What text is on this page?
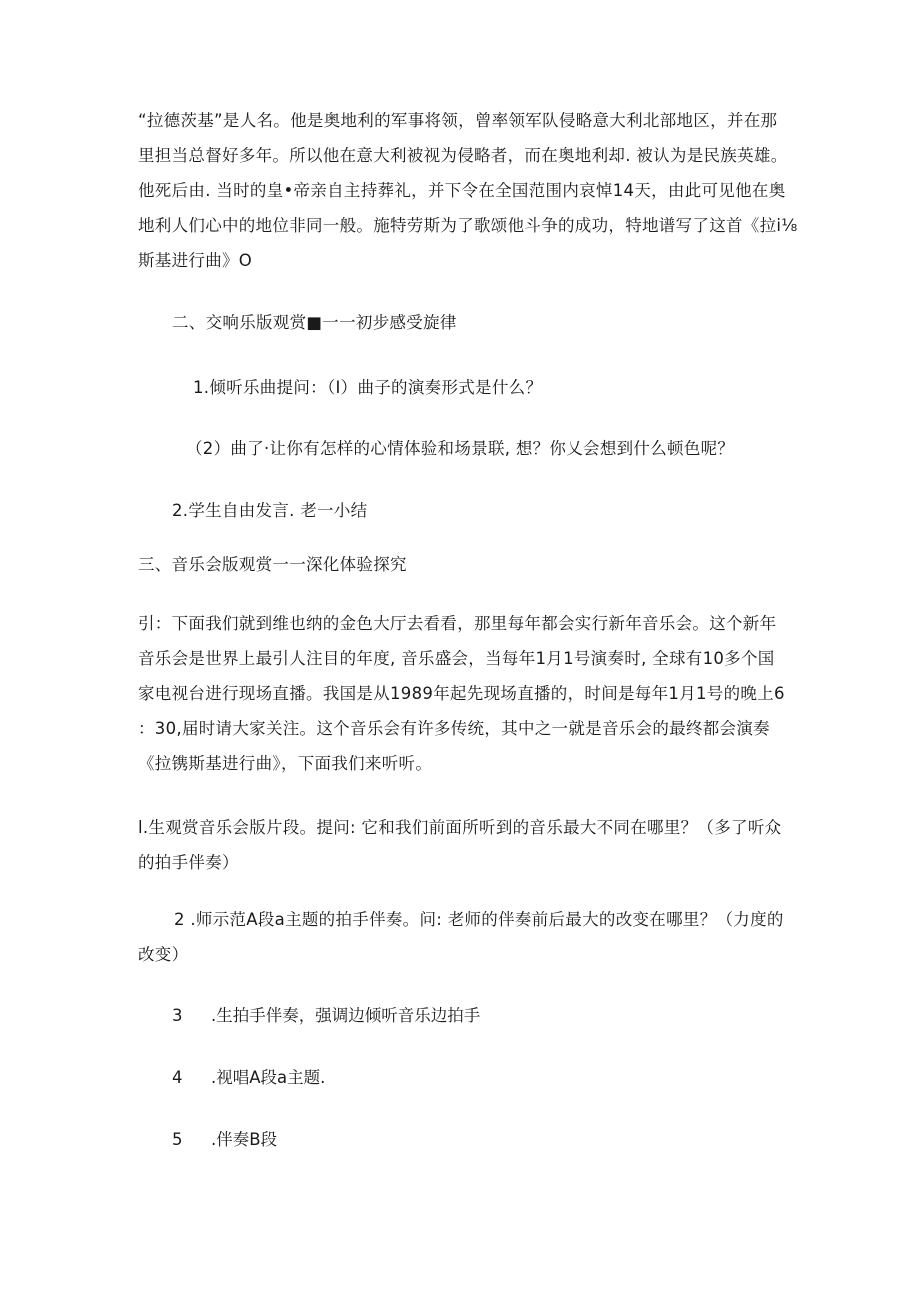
“拉德茨基”是人名。他是奥地利的军事将领，曾率领军队侵略意大利北部地区，并在那
里担当总督好多年。所以他在意大利被视为侵略者，而在奥地利却. 被认为是民族英雄。
他死后由. 当时的皇•帝亲自主持葬礼，并下令在全国范围内哀悼14天，由此可见他在奥
地利人们心中的地位非同一般。施特劳斯为了歌颂他斗争的成功，特地谱写了这首《拉i⅛
斯基进行曲》O

二、交响乐版观赏■一一初步感受旋律

1.倾听乐曲提问：（I）曲子的演奏形式是什么？

（2）曲了·让你有怎样的心情体验和场景联, 想？你乂会想到什么顿色呢？

2.学生自由发言. 老一小结

三、音乐会版观赏一一深化体验探究

引：下面我们就到维也纳的金色大厅去看看，那里每年都会实行新年音乐会。这个新年
音乐会是世界上最引人注目的年度, 音乐盛会，当每年1月1号演奏时, 全球有10多个国
家电视台进行现场直播。我国是从1989年起先现场直播的，时间是每年1月1号的晚上6
：30,届时请大家关注。这个音乐会有许多传统，其中之一就是音乐会的最终都会演奏
《拉镌斯基进行曲》，下面我们来听听。

l.生观赏音乐会版片段。提问: 它和我们前面所听到的音乐最大不同在哪里？（多了听众
的拍手伴奏）

2 .师示范A段a主题的拍手伴奏。问: 老师的伴奏前后最大的改变在哪里？（力度的
改变）

3 .生拍手伴奏，强调边倾听音乐边拍手
4 .视唱A段a主题.
5 .伴奏B段
